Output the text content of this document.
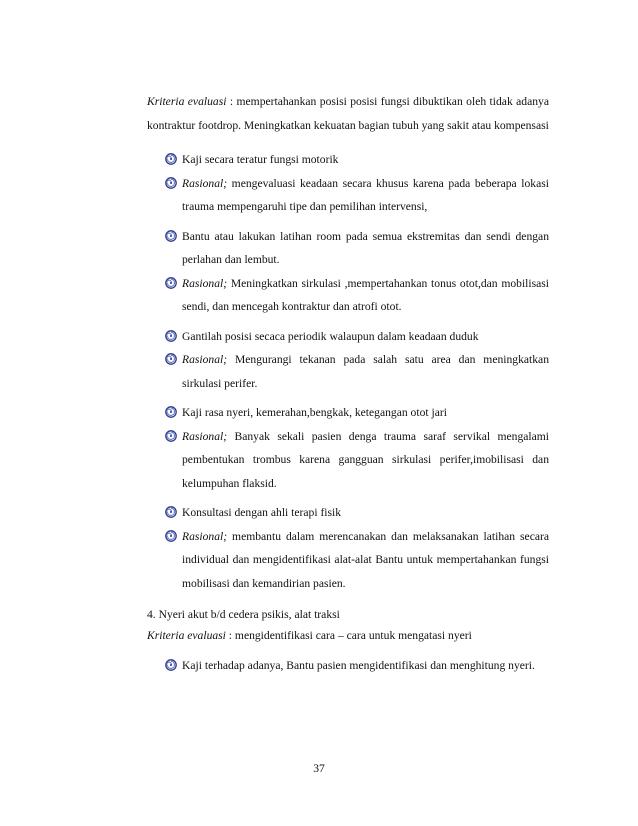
Kriteria evaluasi : mempertahankan posisi posisi fungsi dibuktikan oleh tidak adanya kontraktur footdrop. Meningkatkan kekuatan bagian tubuh yang sakit atau kompensasi

Kaji secara teratur fungsi motorik

Rasional; mengevaluasi keadaan secara khusus karena pada beberapa lokasi trauma mempengaruhi tipe dan pemilihan intervensi,

Bantu atau lakukan latihan room pada semua ekstremitas dan sendi dengan perlahan dan lembut.

Rasional; Meningkatkan sirkulasi ,mempertahankan tonus otot,dan mobilisasi sendi, dan mencegah kontraktur dan atrofi otot.

Gantilah posisi secaca periodik walaupun dalam keadaan duduk

Rasional; Mengurangi tekanan pada salah satu area dan meningkatkan sirkulasi perifer.

Kaji rasa nyeri, kemerahan,bengkak, ketegangan otot jari

Rasional; Banyak sekali pasien denga trauma saraf servikal mengalami pembentukan trombus karena gangguan sirkulasi perifer,imobilisasi dan kelumpuhan flaksid.

Konsultasi dengan ahli terapi fisik

Rasional; membantu dalam merencanakan dan melaksanakan latihan secara individual dan mengidentifikasi alat-alat Bantu untuk mempertahankan fungsi mobilisasi dan kemandirian pasien.

4. Nyeri akut b/d cedera psikis, alat traksi
Kriteria evaluasi : mengidentifikasi cara – cara untuk mengatasi nyeri

Kaji terhadap adanya, Bantu pasien mengidentifikasi dan menghitung nyeri.

37
